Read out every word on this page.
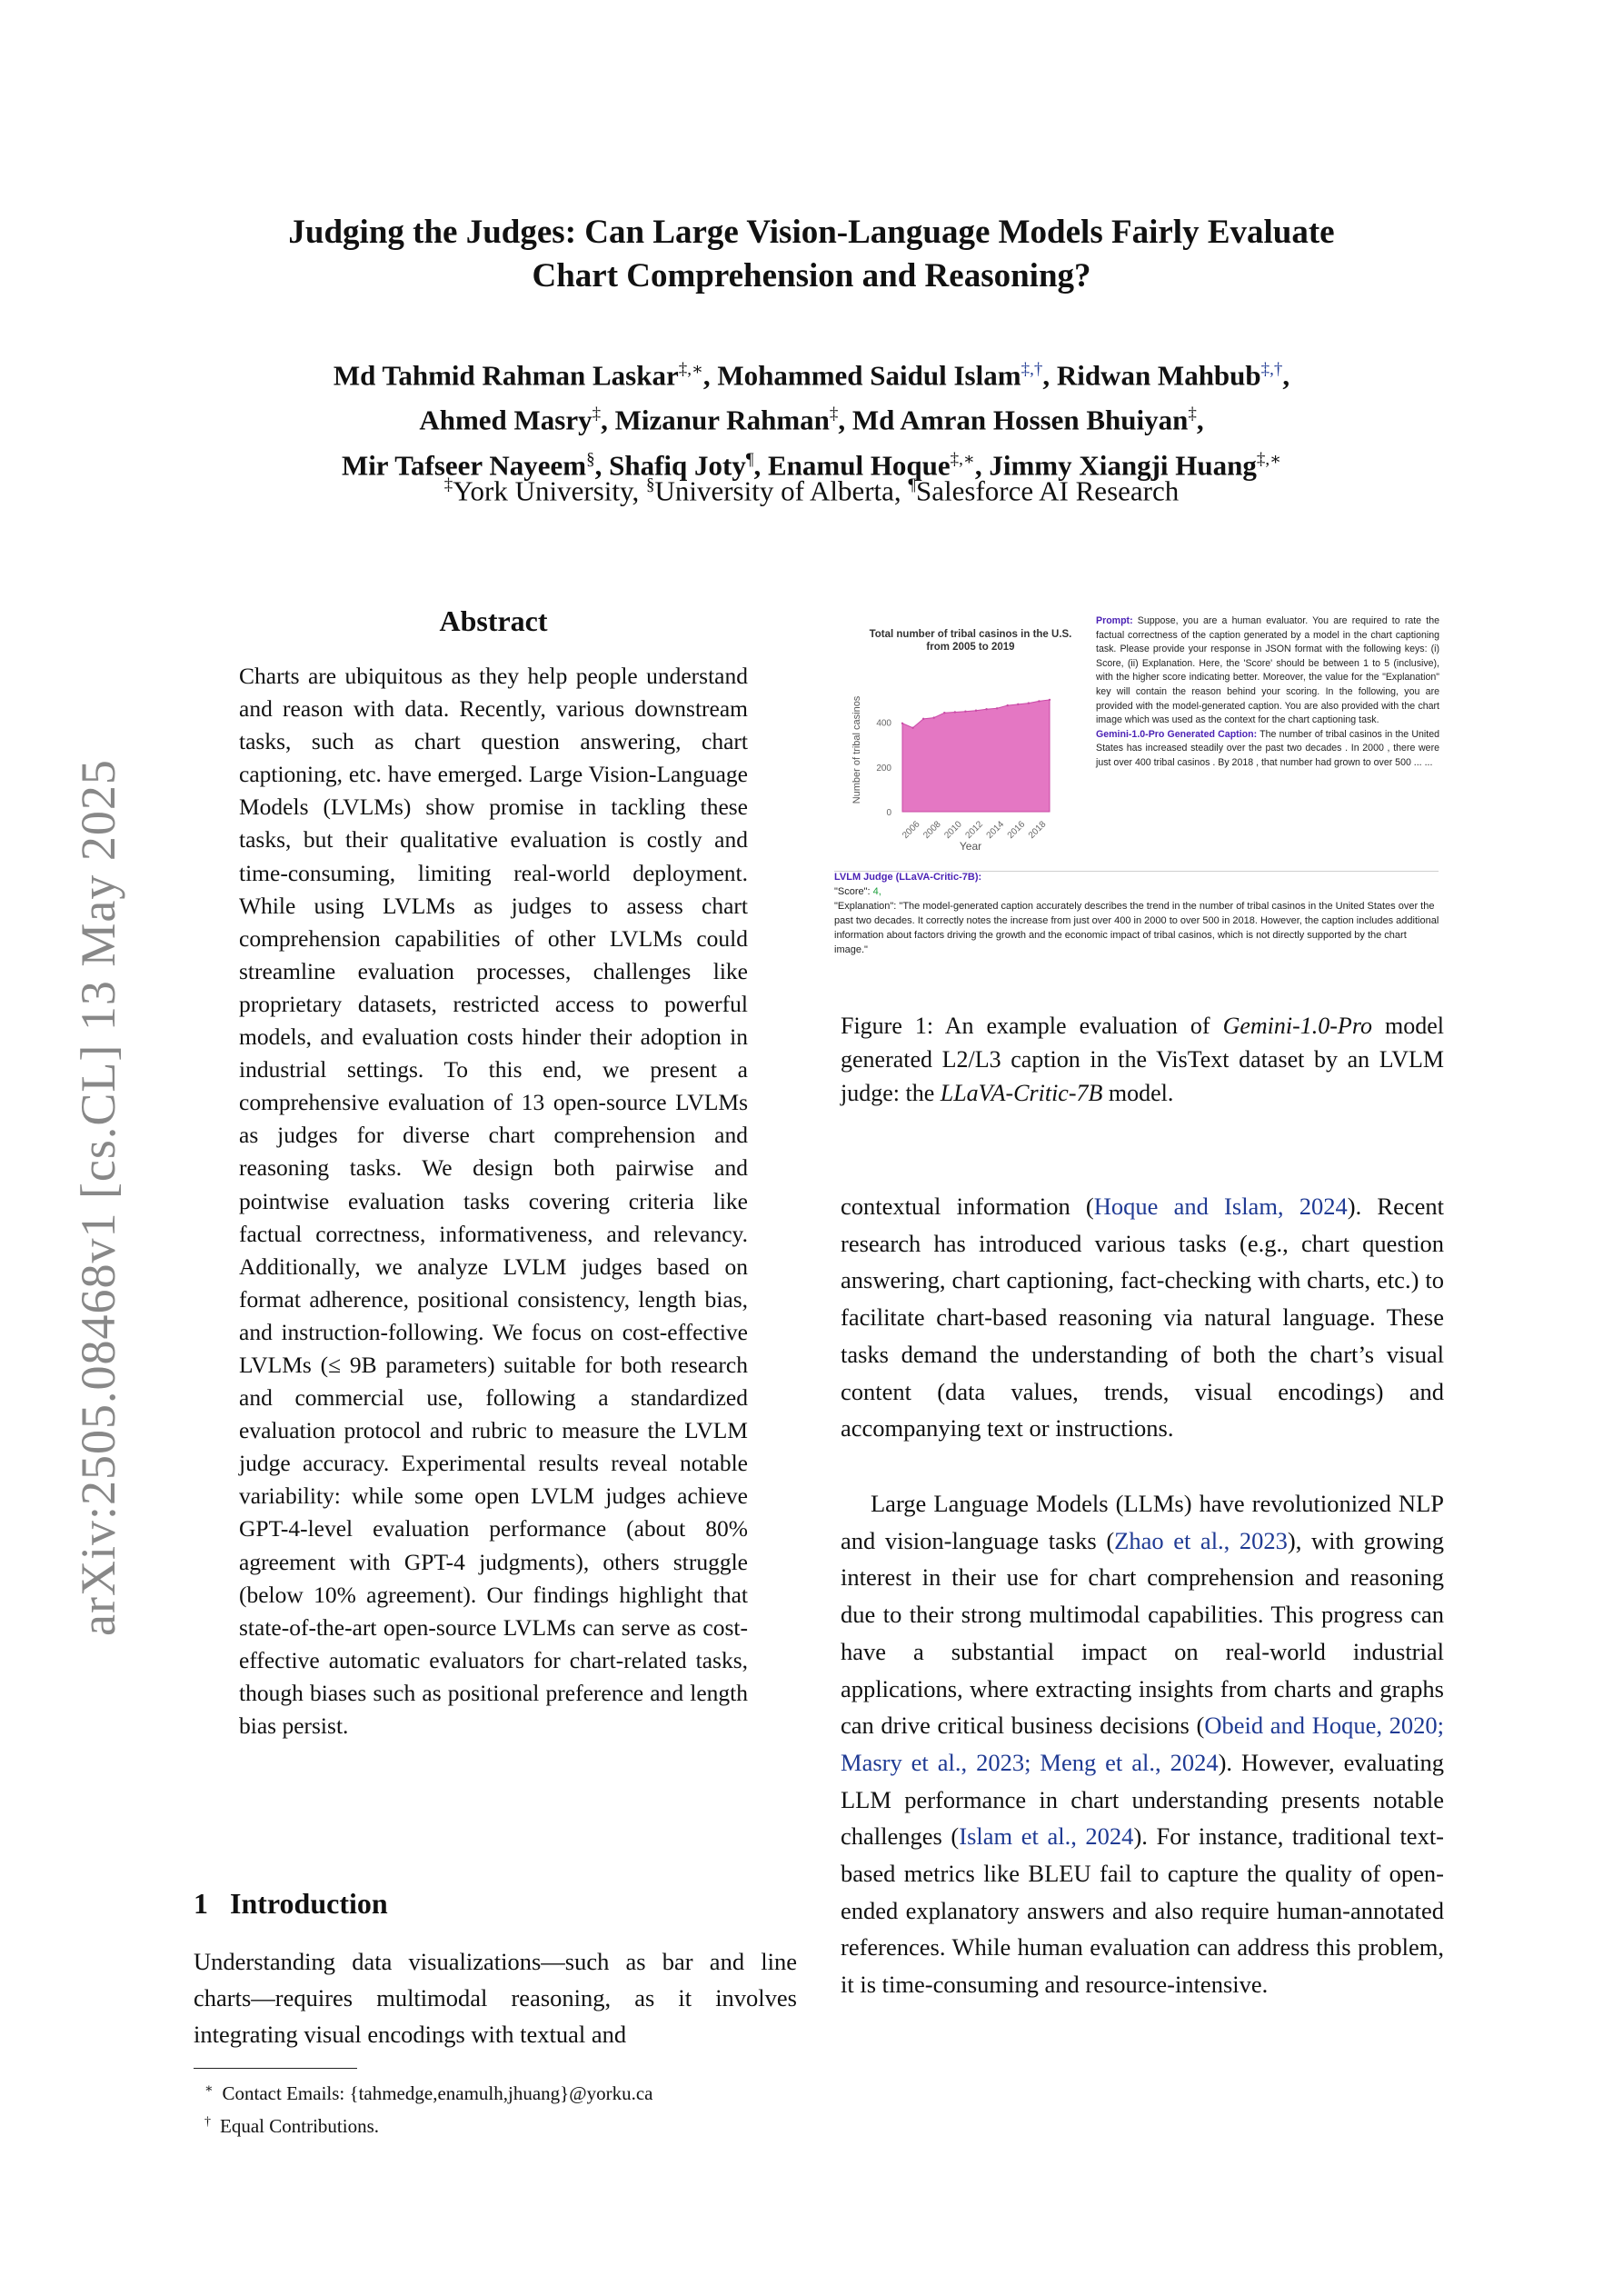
Judging the Judges: Can Large Vision-Language Models Fairly Evaluate
Chart Comprehension and Reasoning?
Md Tahmid Rahman Laskar‡,∗, Mohammed Saidul Islam‡,†, Ridwan Mahbub‡,†,
Ahmed Masry‡, Mizanur Rahman‡, Md Amran Hossen Bhuiyan‡,
Mir Tafseer Nayeem§, Shafiq Joty¶, Enamul Hoque‡,∗, Jimmy Xiangji Huang‡,∗
‡York University, §University of Alberta, ¶Salesforce AI Research
arXiv:2505.08468v1 [cs.CL] 13 May 2025
Abstract
Charts are ubiquitous as they help people understand and reason with data. Recently, various downstream tasks, such as chart question answering, chart captioning, etc. have emerged. Large Vision-Language Models (LVLMs) show promise in tackling these tasks, but their qualitative evaluation is costly and time-consuming, limiting real-world deployment. While using LVLMs as judges to assess chart comprehension capabilities of other LVLMs could streamline evaluation processes, challenges like proprietary datasets, restricted access to powerful models, and evaluation costs hinder their adoption in industrial settings. To this end, we present a comprehensive evaluation of 13 open-source LVLMs as judges for diverse chart comprehension and reasoning tasks. We design both pairwise and pointwise evaluation tasks covering criteria like factual correctness, informativeness, and relevancy. Additionally, we analyze LVLM judges based on format adherence, positional consistency, length bias, and instruction-following. We focus on cost-effective LVLMs (≤ 9B parameters) suitable for both research and commercial use, following a standardized evaluation protocol and rubric to measure the LVLM judge accuracy. Experimental results reveal notable variability: while some open LVLM judges achieve GPT-4-level evaluation performance (about 80% agreement with GPT-4 judgments), others struggle (below 10% agreement). Our findings highlight that state-of-the-art open-source LVLMs can serve as cost-effective automatic evaluators for chart-related tasks, though biases such as positional preference and length bias persist.
1 Introduction
Understanding data visualizations—such as bar and line charts—requires multimodal reasoning, as it involves integrating visual encodings with textual and
∗ Contact Emails: {tahmedge,enamulh,jhuang}@yorku.ca
† Equal Contributions.
Total number of tribal casinos in the U.S.
from 2005 to 2019
0
200
400
2006 2008 2010 2012 2014 2016 2018
Number of tribal casinos
Year
Prompt: Suppose, you are a human evaluator. You are required to rate the factual correctness of the caption generated by a model in the chart captioning task. Please provide your response in JSON format with the following keys: (i) Score, (ii) Explanation. Here, the 'Score' should be between 1 to 5 (inclusive), with the higher score indicating better. Moreover, the value for the "Explanation" key will contain the reason behind your scoring. In the following, you are provided with the model-generated caption. You are also provided with the chart image which was used as the context for the chart captioning task.
Gemini-1.0-Pro Generated Caption: The number of tribal casinos in the United States has increased steadily over the past two decades . In 2000 , there were just over 400 tribal casinos . By 2018 , that number had grown to over 500 ... ...
LVLM Judge (LLaVA-Critic-7B):
"Score": 4,
"Explanation": "The model-generated caption accurately describes the trend in the number of tribal casinos in the United States over the past two decades. It correctly notes the increase from just over 400 in 2000 to over 500 in 2018. However, the caption includes additional information about factors driving the growth and the economic impact of tribal casinos, which is not directly supported by the chart image."
Figure 1: An example evaluation of Gemini-1.0-Pro model generated L2/L3 caption in the VisText dataset by an LVLM judge: the LLaVA-Critic-7B model.
contextual information (Hoque and Islam, 2024). Recent research has introduced various tasks (e.g., chart question answering, chart captioning, fact-checking with charts, etc.) to facilitate chart-based reasoning via natural language. These tasks demand the understanding of both the chart’s visual content (data values, trends, visual encodings) and accompanying text or instructions.
Large Language Models (LLMs) have revolutionized NLP and vision-language tasks (Zhao et al., 2023), with growing interest in their use for chart comprehension and reasoning due to their strong multimodal capabilities. This progress can have a substantial impact on real-world industrial applications, where extracting insights from charts and graphs can drive critical business decisions (Obeid and Hoque, 2020; Masry et al., 2023; Meng et al., 2024). However, evaluating LLM performance in chart understanding presents notable challenges (Islam et al., 2024). For instance, traditional text-based metrics like BLEU fail to capture the quality of open-ended explanatory answers and also require human-annotated references. While human evaluation can address this problem, it is time-consuming and resource-intensive.
